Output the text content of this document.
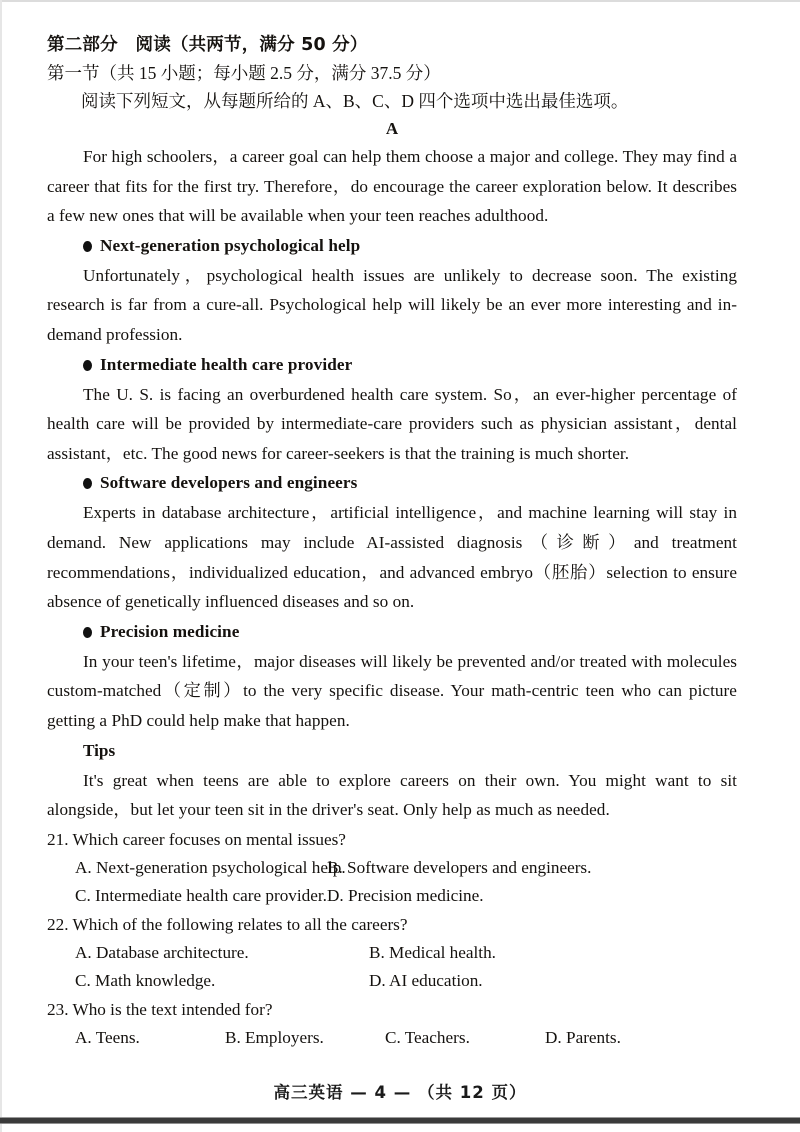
第二部分　阅读（共两节，满分 50 分）
第一节（共 15 小题；每小题 2.5 分，满分 37.5 分）
阅读下列短文，从每题所给的 A、B、C、D 四个选项中选出最佳选项。
A

For high schoolers，a career goal can help them choose a major and college. They may find a career that fits for the first try. Therefore，do encourage the career exploration below. It describes a few new ones that will be available when your teen reaches adulthood.

Next-generation psychological help

Unfortunately，psychological health issues are unlikely to decrease soon. The existing research is far from a cure-all. Psychological help will likely be an ever more interesting and in-demand profession.

Intermediate health care provider

The U. S. is facing an overburdened health care system. So，an ever-higher percentage of health care will be provided by intermediate-care providers such as physician assistant，dental assistant，etc. The good news for career-seekers is that the training is much shorter.

Software developers and engineers

Experts in database architecture，artificial intelligence，and machine learning will stay in demand. New applications may include AI-assisted diagnosis（诊断）and treatment recommendations，individualized education，and advanced embryo（胚胎）selection to ensure absence of genetically influenced diseases and so on.

Precision medicine

In your teen's lifetime，major diseases will likely be prevented and/or treated with molecules custom-matched（定制）to the very specific disease. Your math-centric teen who can picture getting a PhD could help make that happen.

Tips

It's great when teens are able to explore careers on their own. You might want to sit alongside，but let your teen sit in the driver's seat. Only help as much as needed.

21. Which career focuses on mental issues?

A. Next-generation psychological help.
B. Software developers and engineers.
C. Intermediate health care provider. D. Precision medicine.

22. Which of the following relates to all the careers?

A. Database architecture.	B. Medical health.
C. Math knowledge.	D. AI education.

23. Who is the text intended for?

A. Teens.	B. Employers.	C. Teachers.	D. Parents.
高三英语 — 4 — （共 12 页）
